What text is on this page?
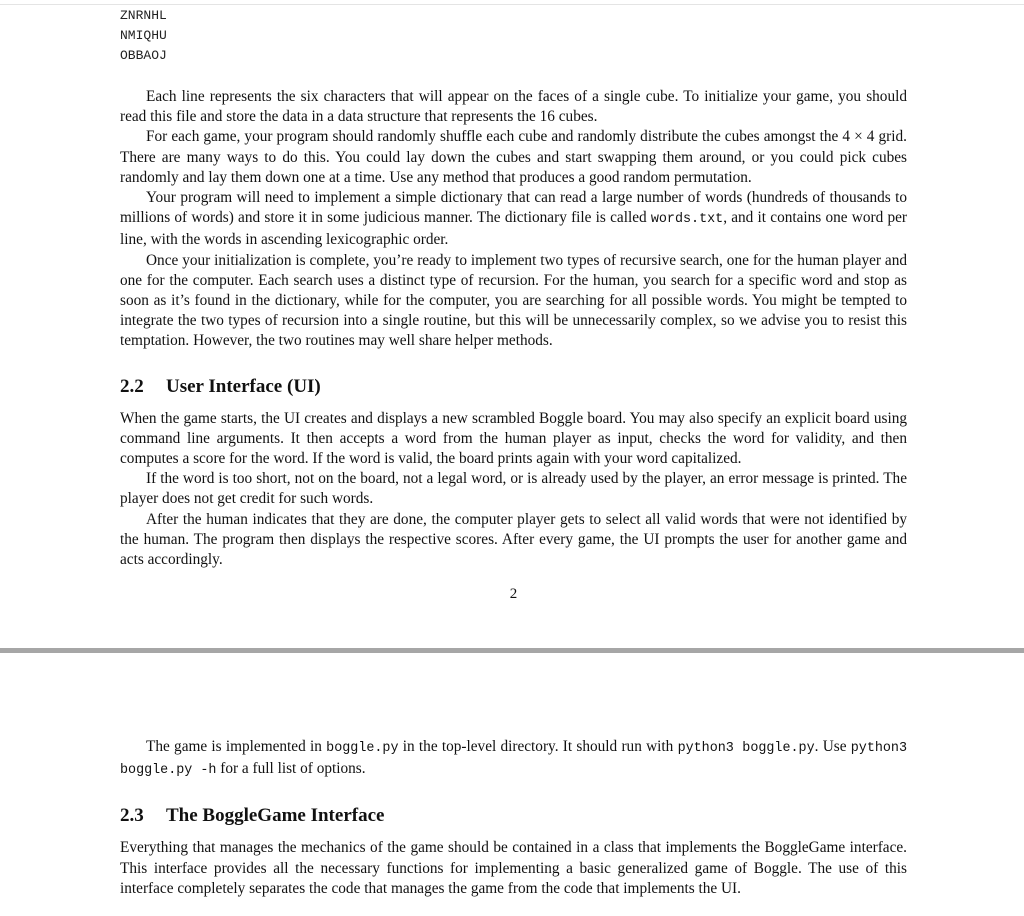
ZNRNHL
NMIQHU
OBBAOJ

Each line represents the six characters that will appear on the faces of a single cube. To initialize your game, you should read this file and store the data in a data structure that represents the 16 cubes.

For each game, your program should randomly shuffle each cube and randomly distribute the cubes amongst the 4 × 4 grid. There are many ways to do this. You could lay down the cubes and start swapping them around, or you could pick cubes randomly and lay them down one at a time. Use any method that produces a good random permutation.

Your program will need to implement a simple dictionary that can read a large number of words (hundreds of thousands to millions of words) and store it in some judicious manner. The dictionary file is called words.txt, and it contains one word per line, with the words in ascending lexicographic order.

Once your initialization is complete, you’re ready to implement two types of recursive search, one for the human player and one for the computer. Each search uses a distinct type of recursion. For the human, you search for a specific word and stop as soon as it’s found in the dictionary, while for the computer, you are searching for all possible words. You might be tempted to integrate the two types of recursion into a single routine, but this will be unnecessarily complex, so we advise you to resist this temptation. However, the two routines may well share helper methods.

2.2 User Interface (UI)

When the game starts, the UI creates and displays a new scrambled Boggle board. You may also specify an explicit board using command line arguments. It then accepts a word from the human player as input, checks the word for validity, and then computes a score for the word. If the word is valid, the board prints again with your word capitalized.

If the word is too short, not on the board, not a legal word, or is already used by the player, an error message is printed. The player does not get credit for such words.

After the human indicates that they are done, the computer player gets to select all valid words that were not identified by the human. The program then displays the respective scores. After every game, the UI prompts the user for another game and acts accordingly.

2

The game is implemented in boggle.py in the top-level directory. It should run with python3 boggle.py. Use python3 boggle.py -h for a full list of options.

2.3 The BoggleGame Interface

Everything that manages the mechanics of the game should be contained in a class that implements the BoggleGame interface. This interface provides all the necessary functions for implementing a basic generalized game of Boggle. The use of this interface completely separates the code that manages the game from the code that implements the UI.
